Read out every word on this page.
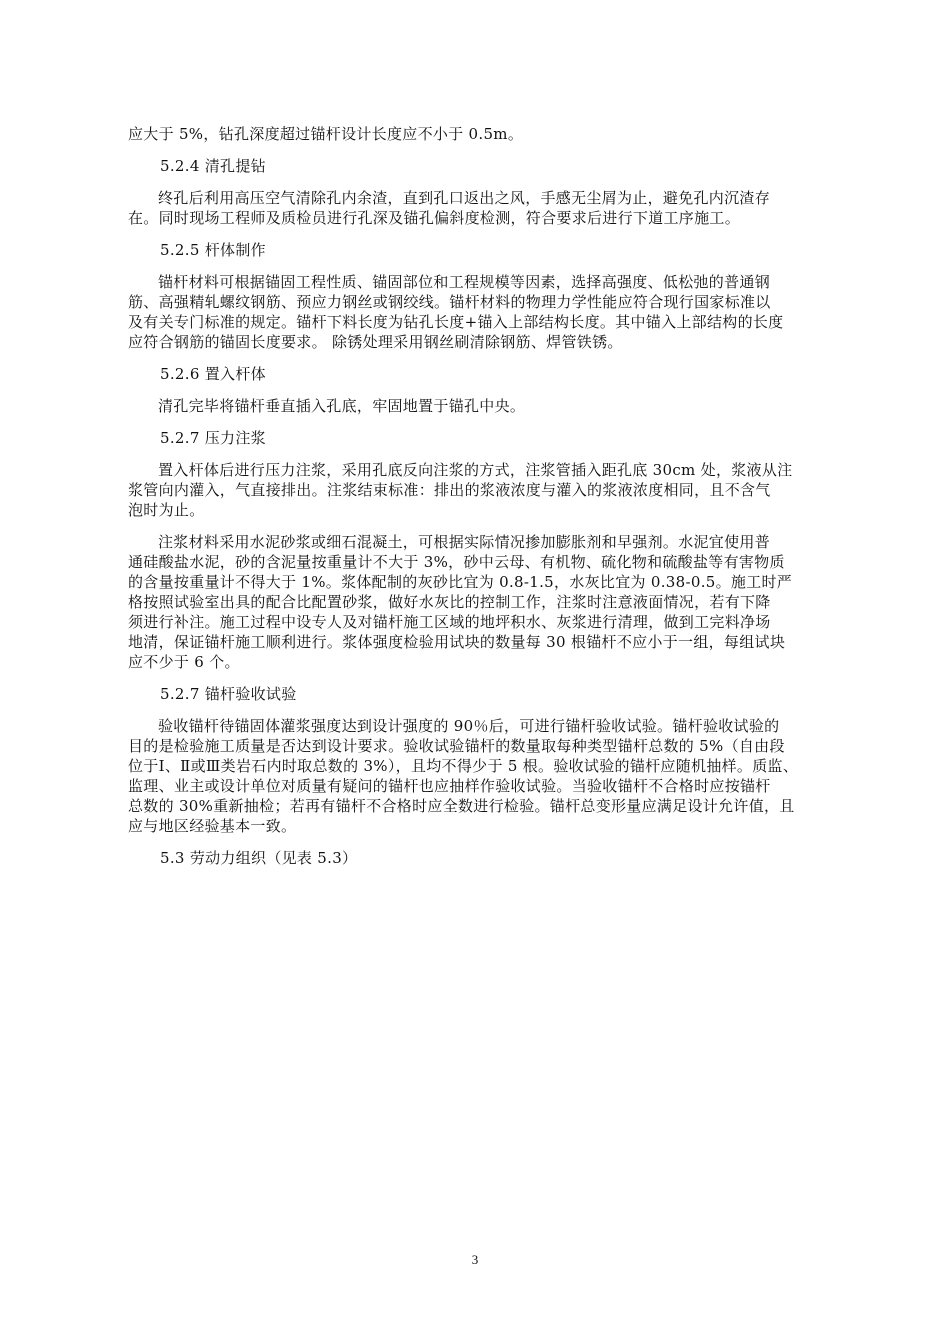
应大于 5%，钻孔深度超过锚杆设计长度应不小于 0.5m。
5.2.4 清孔提钻
终孔后利用高压空气清除孔内余渣，直到孔口返出之风，手感无尘屑为止，避免孔内沉渣存
在。同时现场工程师及质检员进行孔深及锚孔偏斜度检测，符合要求后进行下道工序施工。
5.2.5 杆体制作
锚杆材料可根据锚固工程性质、锚固部位和工程规模等因素，选择高强度、低松弛的普通钢
筋、高强精轧螺纹钢筋、预应力钢丝或钢绞线。锚杆材料的物理力学性能应符合现行国家标准以
及有关专门标准的规定。锚杆下料长度为钻孔长度+锚入上部结构长度。其中锚入上部结构的长度
应符合钢筋的锚固长度要求。 除锈处理采用钢丝刷清除钢筋、焊管铁锈。
5.2.6 置入杆体
清孔完毕将锚杆垂直插入孔底，牢固地置于锚孔中央。
5.2.7 压力注浆
置入杆体后进行压力注浆，采用孔底反向注浆的方式，注浆管插入距孔底 30cm 处，浆液从注
浆管向内灌入，气直接排出。注浆结束标准：排出的浆液浓度与灌入的浆液浓度相同，且不含气
泡时为止。
注浆材料采用水泥砂浆或细石混凝土，可根据实际情况掺加膨胀剂和早强剂。水泥宜使用普
通硅酸盐水泥，砂的含泥量按重量计不大于 3%，砂中云母、有机物、硫化物和硫酸盐等有害物质
的含量按重量计不得大于 1%。浆体配制的灰砂比宜为 0.8-1.5，水灰比宜为 0.38-0.5。施工时严
格按照试验室出具的配合比配置砂浆，做好水灰比的控制工作，注浆时注意液面情况，若有下降
须进行补注。施工过程中设专人及对锚杆施工区域的地坪积水、灰浆进行清理，做到工完料净场
地清，保证锚杆施工顺利进行。浆体强度检验用试块的数量每 30 根锚杆不应小于一组，每组试块
应不少于 6 个。
5.2.7 锚杆验收试验
验收锚杆待锚固体灌浆强度达到设计强度的 90％后，可进行锚杆验收试验。锚杆验收试验的
目的是检验施工质量是否达到设计要求。验收试验锚杆的数量取每种类型锚杆总数的 5%（自由段
位于Ⅰ、Ⅱ或Ⅲ类岩石内时取总数的 3%），且均不得少于 5 根。验收试验的锚杆应随机抽样。质监、
监理、业主或设计单位对质量有疑问的锚杆也应抽样作验收试验。当验收锚杆不合格时应按锚杆
总数的 30%重新抽检；若再有锚杆不合格时应全数进行检验。锚杆总变形量应满足设计允许值，且
应与地区经验基本一致。
5.3 劳动力组织（见表 5.3）
3
